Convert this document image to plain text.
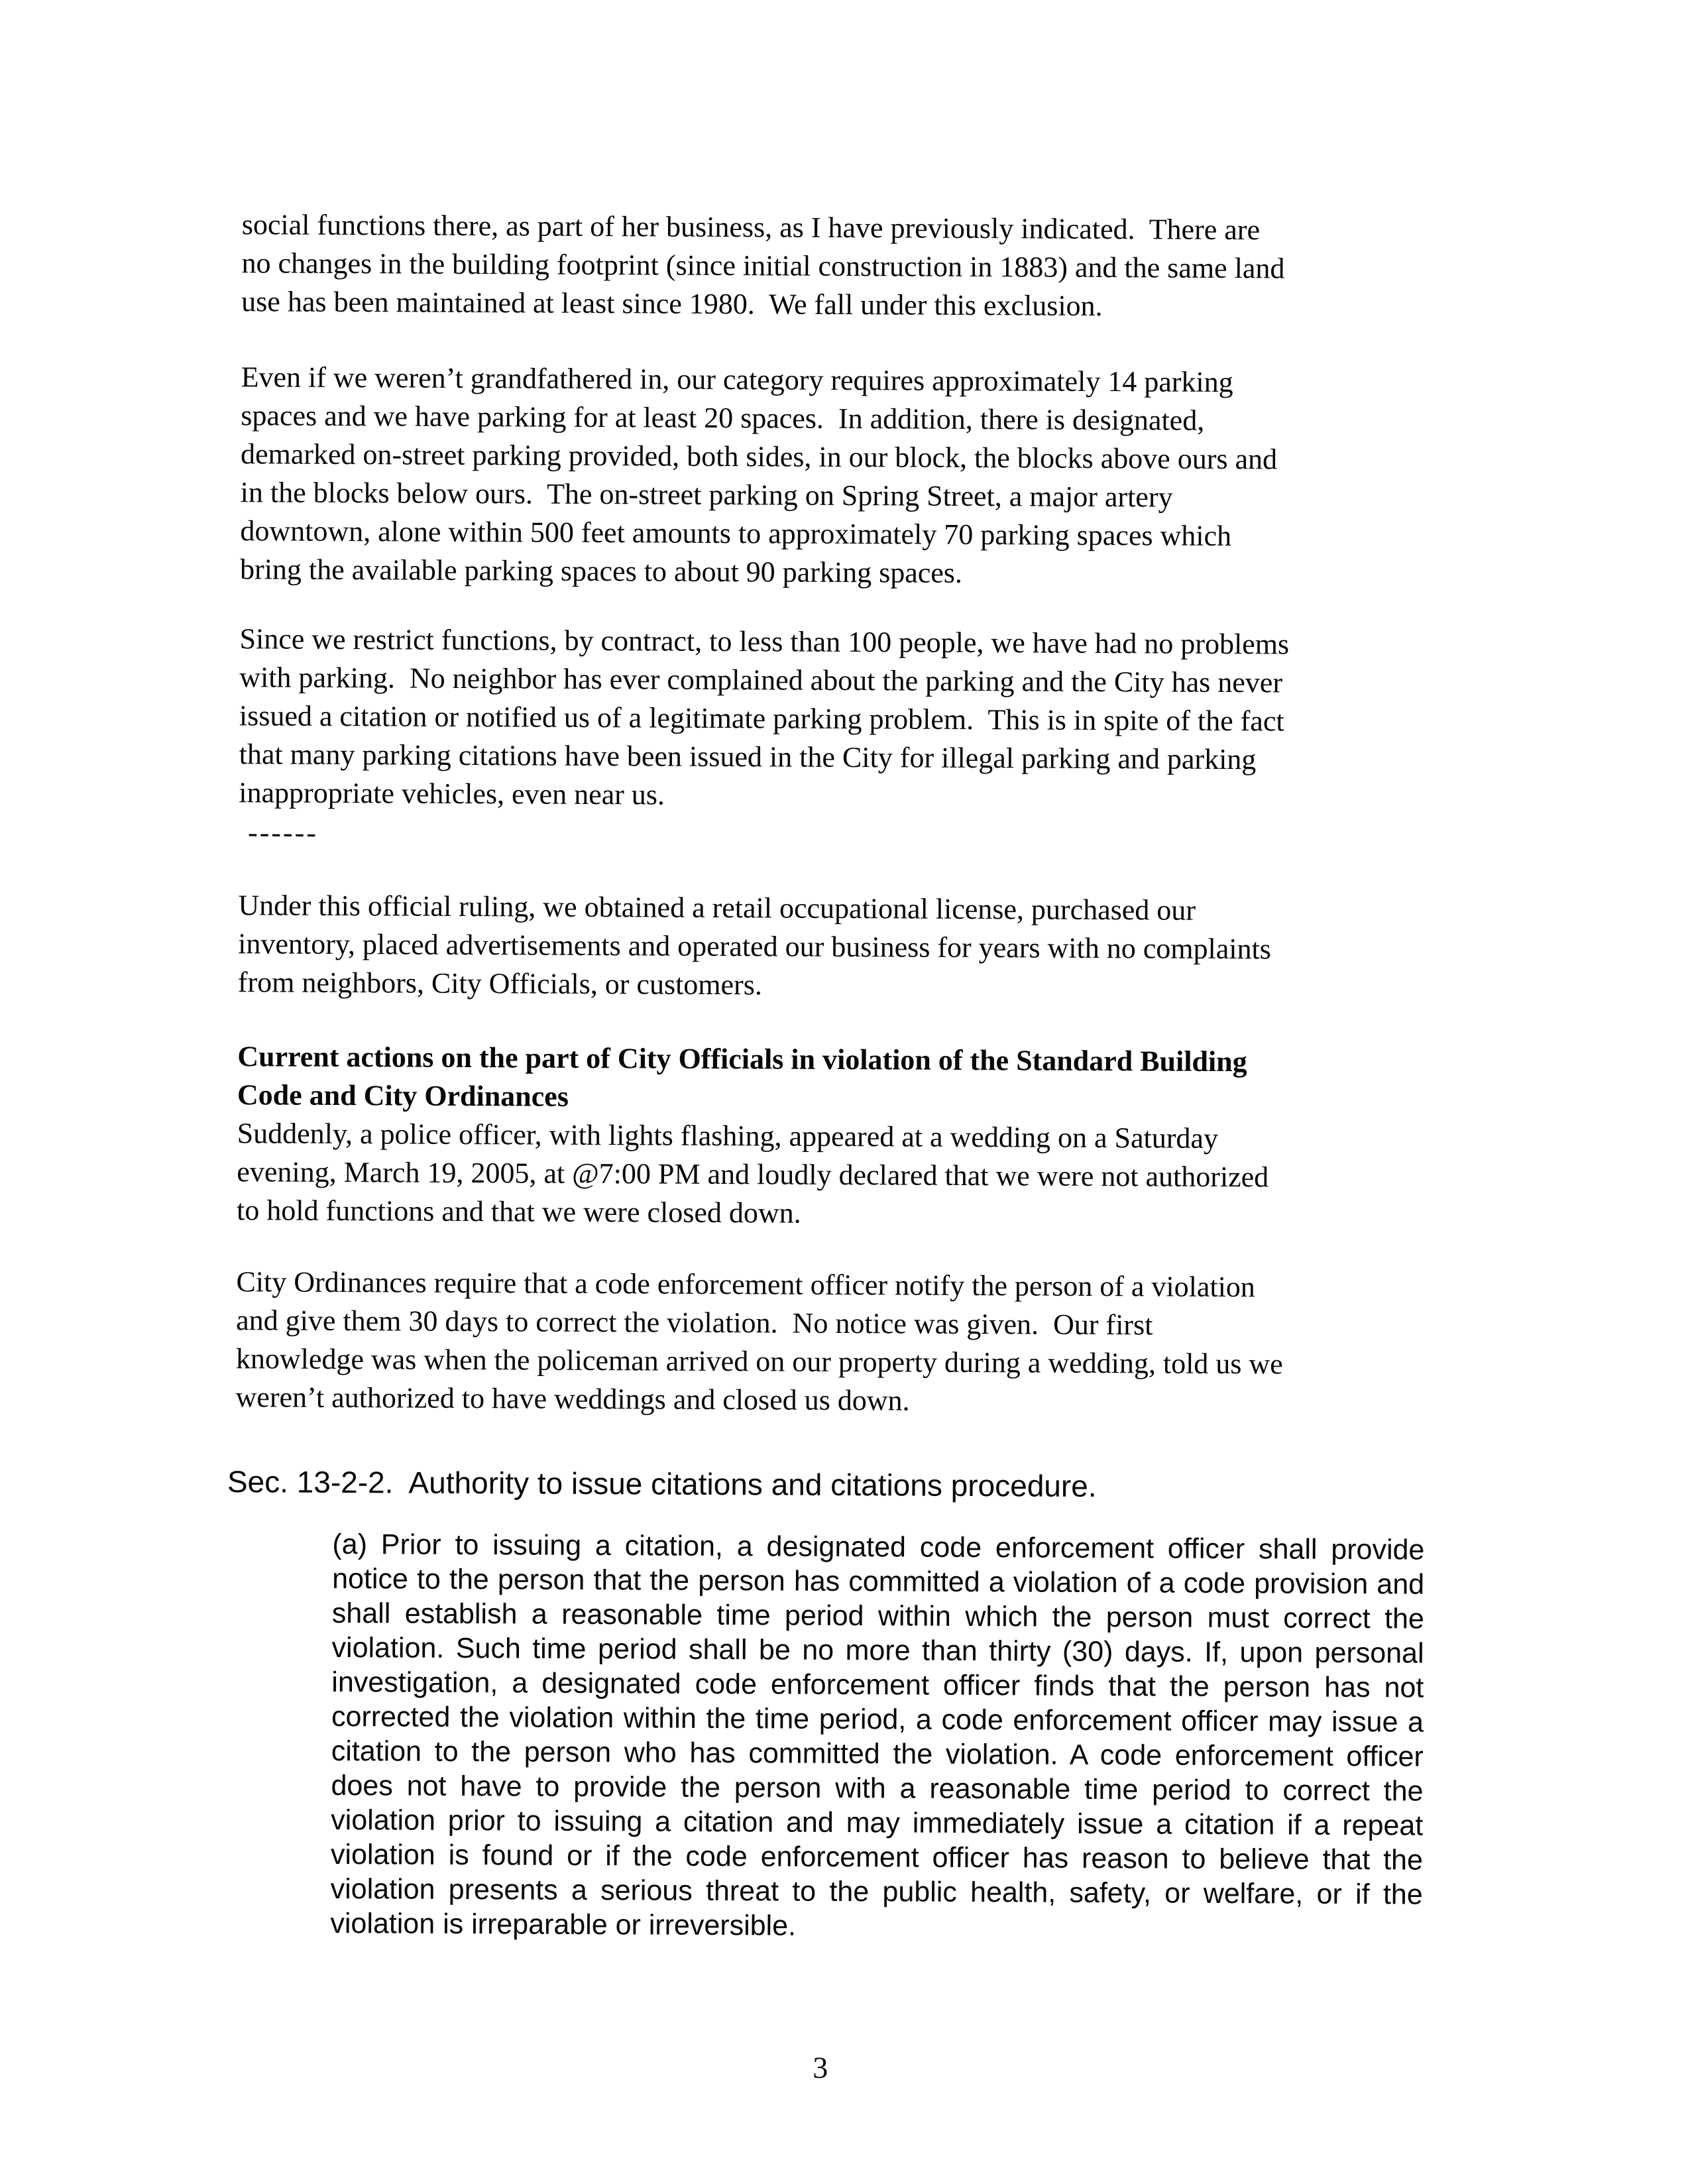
social functions there, as part of her business, as I have previously indicated.  There are
no changes in the building footprint (since initial construction in 1883) and the same land
use has been maintained at least since 1980.  We fall under this exclusion.

Even if we weren’t grandfathered in, our category requires approximately 14 parking
spaces and we have parking for at least 20 spaces.  In addition, there is designated,
demarked on-street parking provided, both sides, in our block, the blocks above ours and
in the blocks below ours.  The on-street parking on Spring Street, a major artery
downtown, alone within 500 feet amounts to approximately 70 parking spaces which
bring the available parking spaces to about 90 parking spaces.

Since we restrict functions, by contract, to less than 100 people, we have had no problems
with parking.  No neighbor has ever complained about the parking and the City has never
issued a citation or notified us of a legitimate parking problem.  This is in spite of the fact
that many parking citations have been issued in the City for illegal parking and parking
inappropriate vehicles, even near us.

------

Under this official ruling, we obtained a retail occupational license, purchased our
inventory, placed advertisements and operated our business for years with no complaints
from neighbors, City Officials, or customers.

Current actions on the part of City Officials in violation of the Standard Building
Code and City Ordinances

Suddenly, a police officer, with lights flashing, appeared at a wedding on a Saturday
evening, March 19, 2005, at @7:00 PM and loudly declared that we were not authorized
to hold functions and that we were closed down.

City Ordinances require that a code enforcement officer notify the person of a violation
and give them 30 days to correct the violation.  No notice was given.  Our first
knowledge was when the policeman arrived on our property during a wedding, told us we
weren’t authorized to have weddings and closed us down.

Sec. 13-2-2.  Authority to issue citations and citations procedure.

(a) Prior to issuing a citation, a designated code enforcement officer shall provide notice to the person that the person has committed a violation of a code provision and shall establish a reasonable time period within which the person must correct the violation. Such time period shall be no more than thirty (30) days. If, upon personal investigation, a designated code enforcement officer finds that the person has not corrected the violation within the time period, a code enforcement officer may issue a citation to the person who has committed the violation. A code enforcement officer does not have to provide the person with a reasonable time period to correct the violation prior to issuing a citation and may immediately issue a citation if a repeat violation is found or if the code enforcement officer has reason to believe that the violation presents a serious threat to the public health, safety, or welfare, or if the violation is irreparable or irreversible.

3
